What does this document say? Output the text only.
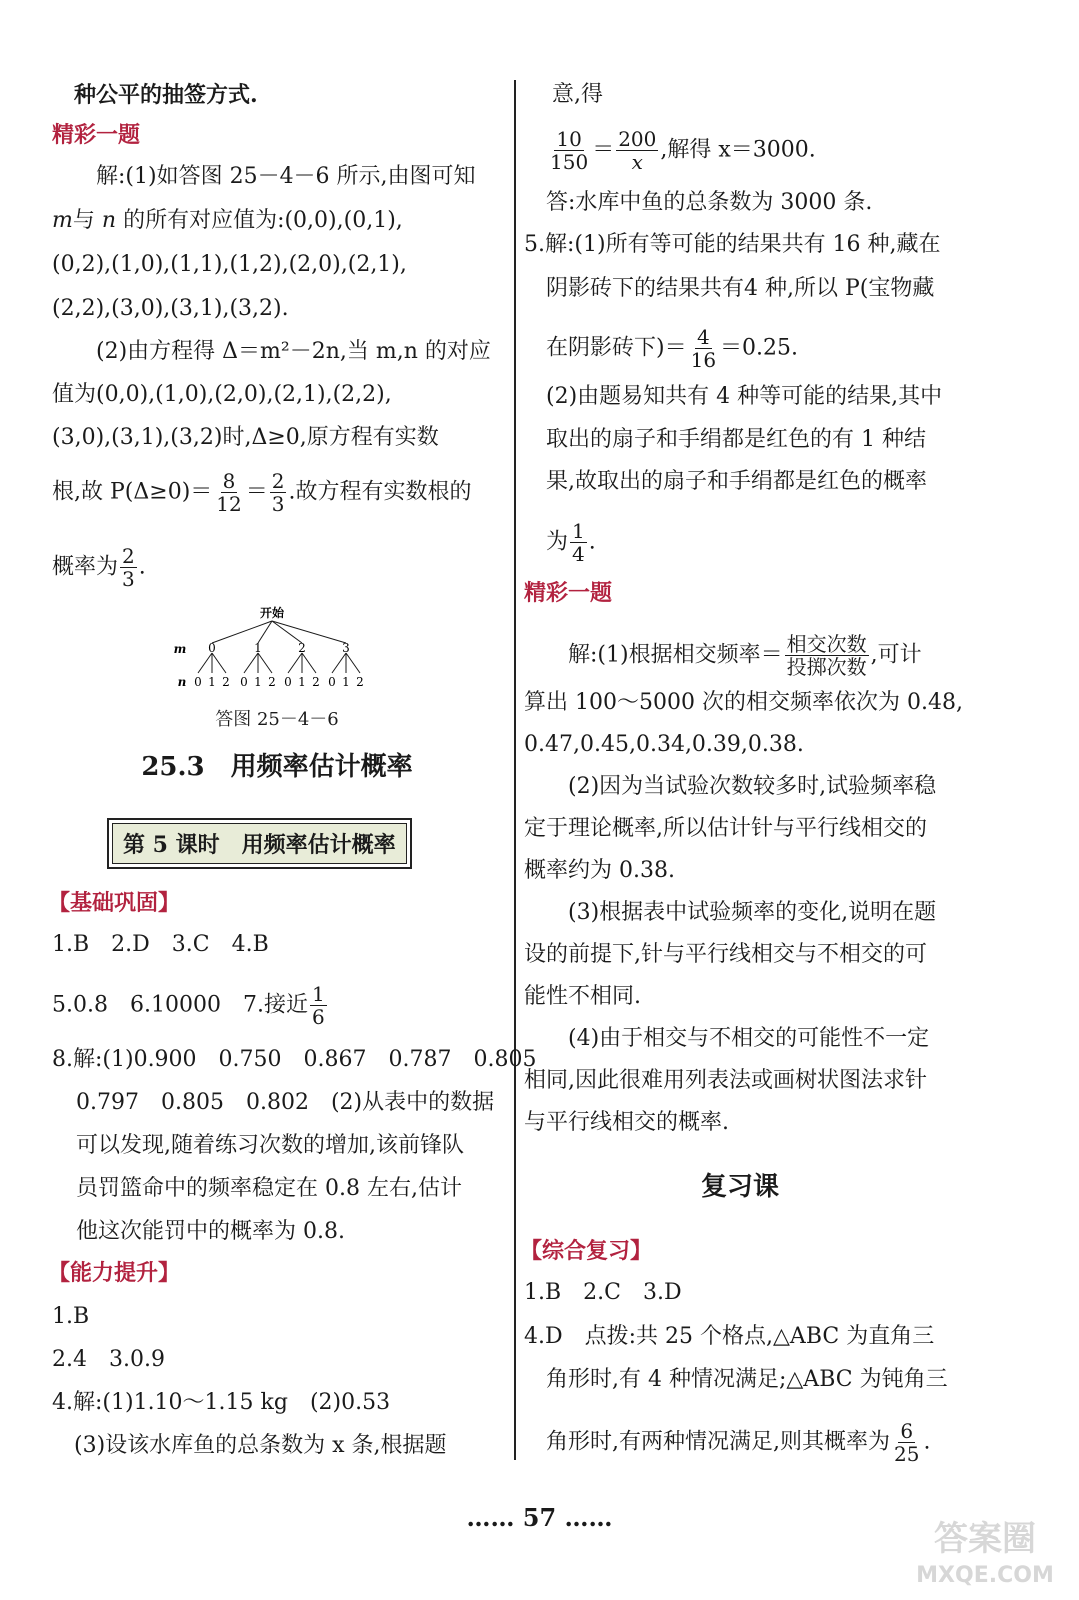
种公平的抽签方式.
精彩一题
解:(1)如答图 25－4－6 所示,由图可知
m与 n 的所有对应值为:(0,0),(0,1),
(0,2),(1,0),(1,1),(1,2),(2,0),(2,1),
(2,2),(3,0),(3,1),(3,2).
(2)由方程得 Δ＝m²－2n,当 m,n 的对应
值为(0,0),(1,0),(2,0),(2,1),(2,2),
(3,0),(3,1),(3,2)时,Δ≥0,原方程有实数
根,故 $P(\Delta\ge 0)= \frac{8}{12} = \frac{2}{3}$ .故方程有实数根的
概率为 $\frac{2}{3}$ .
开始
m 0	1	2	3
n 0 1 2 0 1 2 0 1 2 0 1 2
答图 25－4－6
25.3　用频率估计概率
第 5 课时　用频率估计概率
【基础巩固】
1.B　2.D　3.C　4.B
5.0.8　6.10000　7.接近 $\frac{1}{6}$
8.解:(1)0.900　0.750　0.867　0.787　0.805
0.797　0.805　0.802　(2)从表中的数据
可以发现,随着练习次数的增加,该前锋队
员罚篮命中的频率稳定在 0.8 左右,估计
他这次能罚中的概率为 0.8.
【能力提升】
1.B
2.4　3.0.9
4.解:(1)1.10～1.15 kg　(2)0.53
(3)设该水库鱼的总条数为 x 条,根据题
意,得
$\frac{10}{150} = \frac{200}{x}$ ,解得 x＝3000.
答:水库中鱼的总条数为 3000 条.
5.解:(1)所有等可能的结果共有 16 种,藏在
阴影砖下的结果共有4 种,所以 P(宝物藏
在阴影砖下)＝ $\frac{4}{16} =0.25$.
(2)由题易知共有 4 种等可能的结果,其中
取出的扇子和手绢都是红色的有 1 种结
果,故取出的扇子和手绢都是红色的概率
为 $\frac{1}{4}$ .
精彩一题
解:(1)根据相交频率＝ $\frac{\text{相交次数}}{\text{投掷次数}}$ ,可计
算出 100～5000 次的相交频率依次为 0.48,
0.47,0.45,0.34,0.39,0.38.
(2)因为当试验次数较多时,试验频率稳
定于理论概率,所以估计针与平行线相交的
概率约为 0.38.
(3)根据表中试验频率的变化,说明在题
设的前提下,针与平行线相交与不相交的可
能性不相同.
(4)由于相交与不相交的可能性不一定
相同,因此很难用列表法或画树状图法求针
与平行线相交的概率.
复习课
【综合复习】
1.B　2.C　3.D
4.D　点拨:共 25 个格点,△ABC 为直角三
角形时,有 4 种情况满足;△ABC 为钝角三
角形时,有两种情况满足,则其概率为 $\frac{6}{25}$ .
…… 57 ……
答案圈
MXQE.COM
